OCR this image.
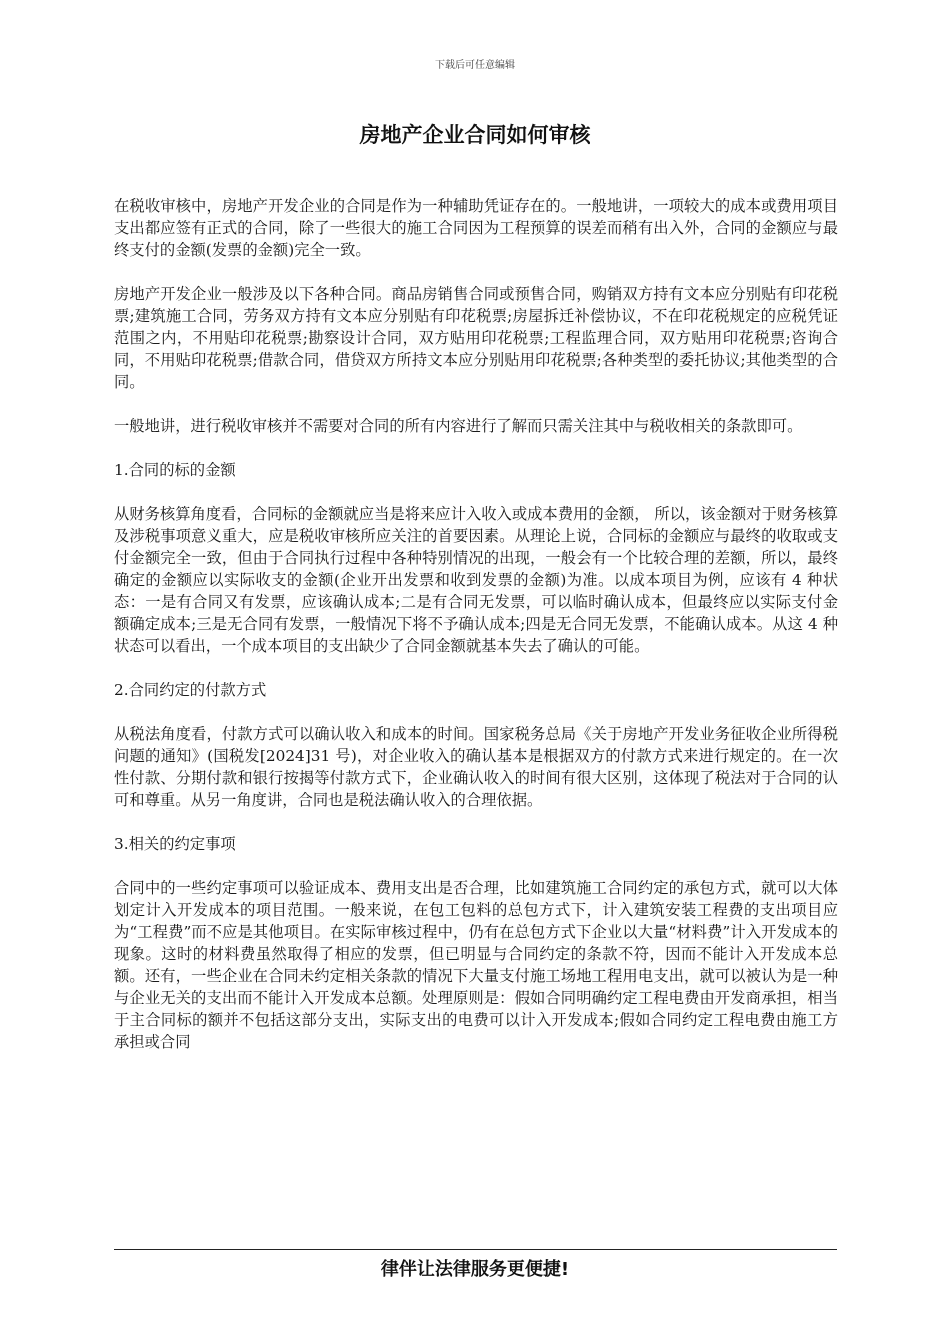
下载后可任意编辑
房地产企业合同如何审核

在税收审核中，房地产开发企业的合同是作为一种辅助凭证存在的。一般地讲，一项较大的成本或费用项目支出都应签有正式的合同，除了一些很大的施工合同因为工程预算的误差而稍有出入外，合同的金额应与最终支付的金额(发票的金额)完全一致。

房地产开发企业一般涉及以下各种合同。商品房销售合同或预售合同，购销双方持有文本应分别贴有印花税票;建筑施工合同，劳务双方持有文本应分别贴有印花税票;房屋拆迁补偿协议，不在印花税规定的应税凭证范围之内，不用贴印花税票;勘察设计合同，双方贴用印花税票;工程监理合同，双方贴用印花税票;咨询合同，不用贴印花税票;借款合同，借贷双方所持文本应分别贴用印花税票;各种类型的委托协议;其他类型的合同。

一般地讲，进行税收审核并不需要对合同的所有内容进行了解而只需关注其中与税收相关的条款即可。

1.合同的标的金额

从财务核算角度看，合同标的金额就应当是将来应计入收入或成本费用的金额， 所以，该金额对于财务核算及涉税事项意义重大，应是税收审核所应关注的首要因素。从理论上说，合同标的金额应与最终的收取或支付金额完全一致，但由于合同执行过程中各种特别情况的出现，一般会有一个比较合理的差额，所以，最终确定的金额应以实际收支的金额(企业开出发票和收到发票的金额)为准。以成本项目为例，应该有 4 种状态：一是有合同又有发票，应该确认成本;二是有合同无发票，可以临时确认成本，但最终应以实际支付金额确定成本;三是无合同有发票，一般情况下将不予确认成本;四是无合同无发票，不能确认成本。从这 4 种状态可以看出，一个成本项目的支出缺少了合同金额就基本失去了确认的可能。

2.合同约定的付款方式

从税法角度看，付款方式可以确认收入和成本的时间。国家税务总局《关于房地产开发业务征收企业所得税问题的通知》(国税发[2024]31 号)，对企业收入的确认基本是根据双方的付款方式来进行规定的。在一次性付款、分期付款和银行按揭等付款方式下，企业确认收入的时间有很大区别，这体现了税法对于合同的认可和尊重。从另一角度讲，合同也是税法确认收入的合理依据。

3.相关的约定事项

合同中的一些约定事项可以验证成本、费用支出是否合理，比如建筑施工合同约定的承包方式，就可以大体划定计入开发成本的项目范围。一般来说，在包工包料的总包方式下，计入建筑安装工程费的支出项目应为“工程费”而不应是其他项目。在实际审核过程中，仍有在总包方式下企业以大量“材料费”计入开发成本的现象。这时的材料费虽然取得了相应的发票，但已明显与合同约定的条款不符，因而不能计入开发成本总额。还有，一些企业在合同未约定相关条款的情况下大量支付施工场地工程用电支出，就可以被认为是一种与企业无关的支出而不能计入开发成本总额。处理原则是：假如合同明确约定工程电费由开发商承担，相当于主合同标的额并不包括这部分支出，实际支出的电费可以计入开发成本;假如合同约定工程电费由施工方承担或合同

律伴让法律服务更便捷!
